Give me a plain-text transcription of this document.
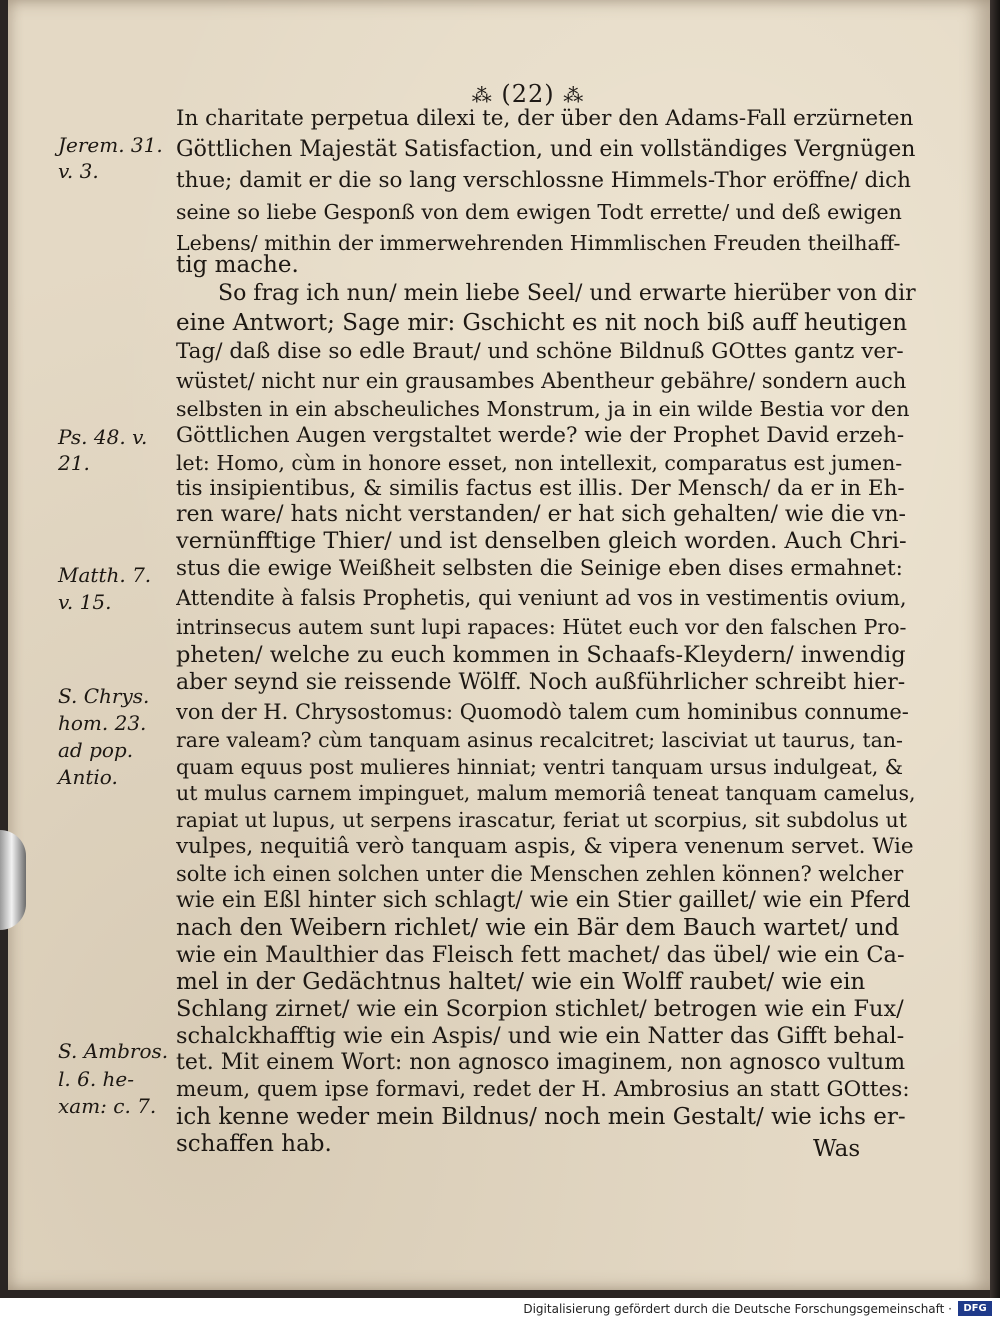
⁂ (22) ⁂
In charitate perpetua dilexi te, der über den Adams-Fall erzürneten
Göttlichen Majestät Satisfaction, und ein vollständiges Vergnügen
thue; damit er die so lang verschlossne Himmels-Thor eröffne/ dich
seine so liebe Gesponß von dem ewigen Todt errette/ und deß ewigen
Lebens/ mithin der immerwehrenden Himmlischen Freuden theilhaff-
tig mache.
So frag ich nun/ mein liebe Seel/ und erwarte hierüber von dir
eine Antwort; Sage mir: Gschicht es nit noch biß auff heutigen
Tag/ daß dise so edle Braut/ und schöne Bildnuß GOttes gantz ver-
wüstet/ nicht nur ein grausambes Abentheur gebähre/ sondern auch
selbsten in ein abscheuliches Monstrum, ja in ein wilde Bestia vor den
Göttlichen Augen vergstaltet werde? wie der Prophet David erzeh-
let: Homo, cùm in honore esset, non intellexit, comparatus est jumen-
tis insipientibus, & similis factus est illis. Der Mensch/ da er in Eh-
ren ware/ hats nicht verstanden/ er hat sich gehalten/ wie die vn-
vernünfftige Thier/ und ist denselben gleich worden. Auch Chri-
stus die ewige Weißheit selbsten die Seinige eben dises ermahnet:
Attendite à falsis Prophetis, qui veniunt ad vos in vestimentis ovium,
intrinsecus autem sunt lupi rapaces: Hütet euch vor den falschen Pro-
pheten/ welche zu euch kommen in Schaafs-Kleydern/ inwendig
aber seynd sie reissende Wölff. Noch außführlicher schreibt hier-
von der H. Chrysostomus: Quomodò talem cum hominibus connume-
rare valeam? cùm tanquam asinus recalcitret; lasciviat ut taurus, tan-
quam equus post mulieres hinniat; ventri tanquam ursus indulgeat, &
ut mulus carnem impinguet, malum memoriâ teneat tanquam camelus,
rapiat ut lupus, ut serpens irascatur, feriat ut scorpius, sit subdolus ut
vulpes, nequitiâ verò tanquam aspis, & vipera venenum servet. Wie
solte ich einen solchen unter die Menschen zehlen können? welcher
wie ein Eßl hinter sich schlagt/ wie ein Stier gaillet/ wie ein Pferd
nach den Weibern richlet/ wie ein Bär dem Bauch wartet/ und
wie ein Maulthier das Fleisch fett machet/ das übel/ wie ein Ca-
mel in der Gedächtnus haltet/ wie ein Wolff raubet/ wie ein
Schlang zirnet/ wie ein Scorpion stichlet/ betrogen wie ein Fux/
schalckhafftig wie ein Aspis/ und wie ein Natter das Gifft behal-
tet. Mit einem Wort: non agnosco imaginem, non agnosco vultum
meum, quem ipse formavi, redet der H. Ambrosius an statt GOttes:
ich kenne weder mein Bildnus/ noch mein Gestalt/ wie ichs er-
schaffen hab.
Jerem. 31.
v. 3.
Ps. 48. v.
21.
Matth. 7.
v. 15.
S. Chrys.
hom. 23.
ad pop.
Antio.
S. Ambros.
l. 6. he-
xam: c. 7.
Was
Digitalisierung gefördert durch die Deutsche Forschungsgemeinschaft ·	DFG
